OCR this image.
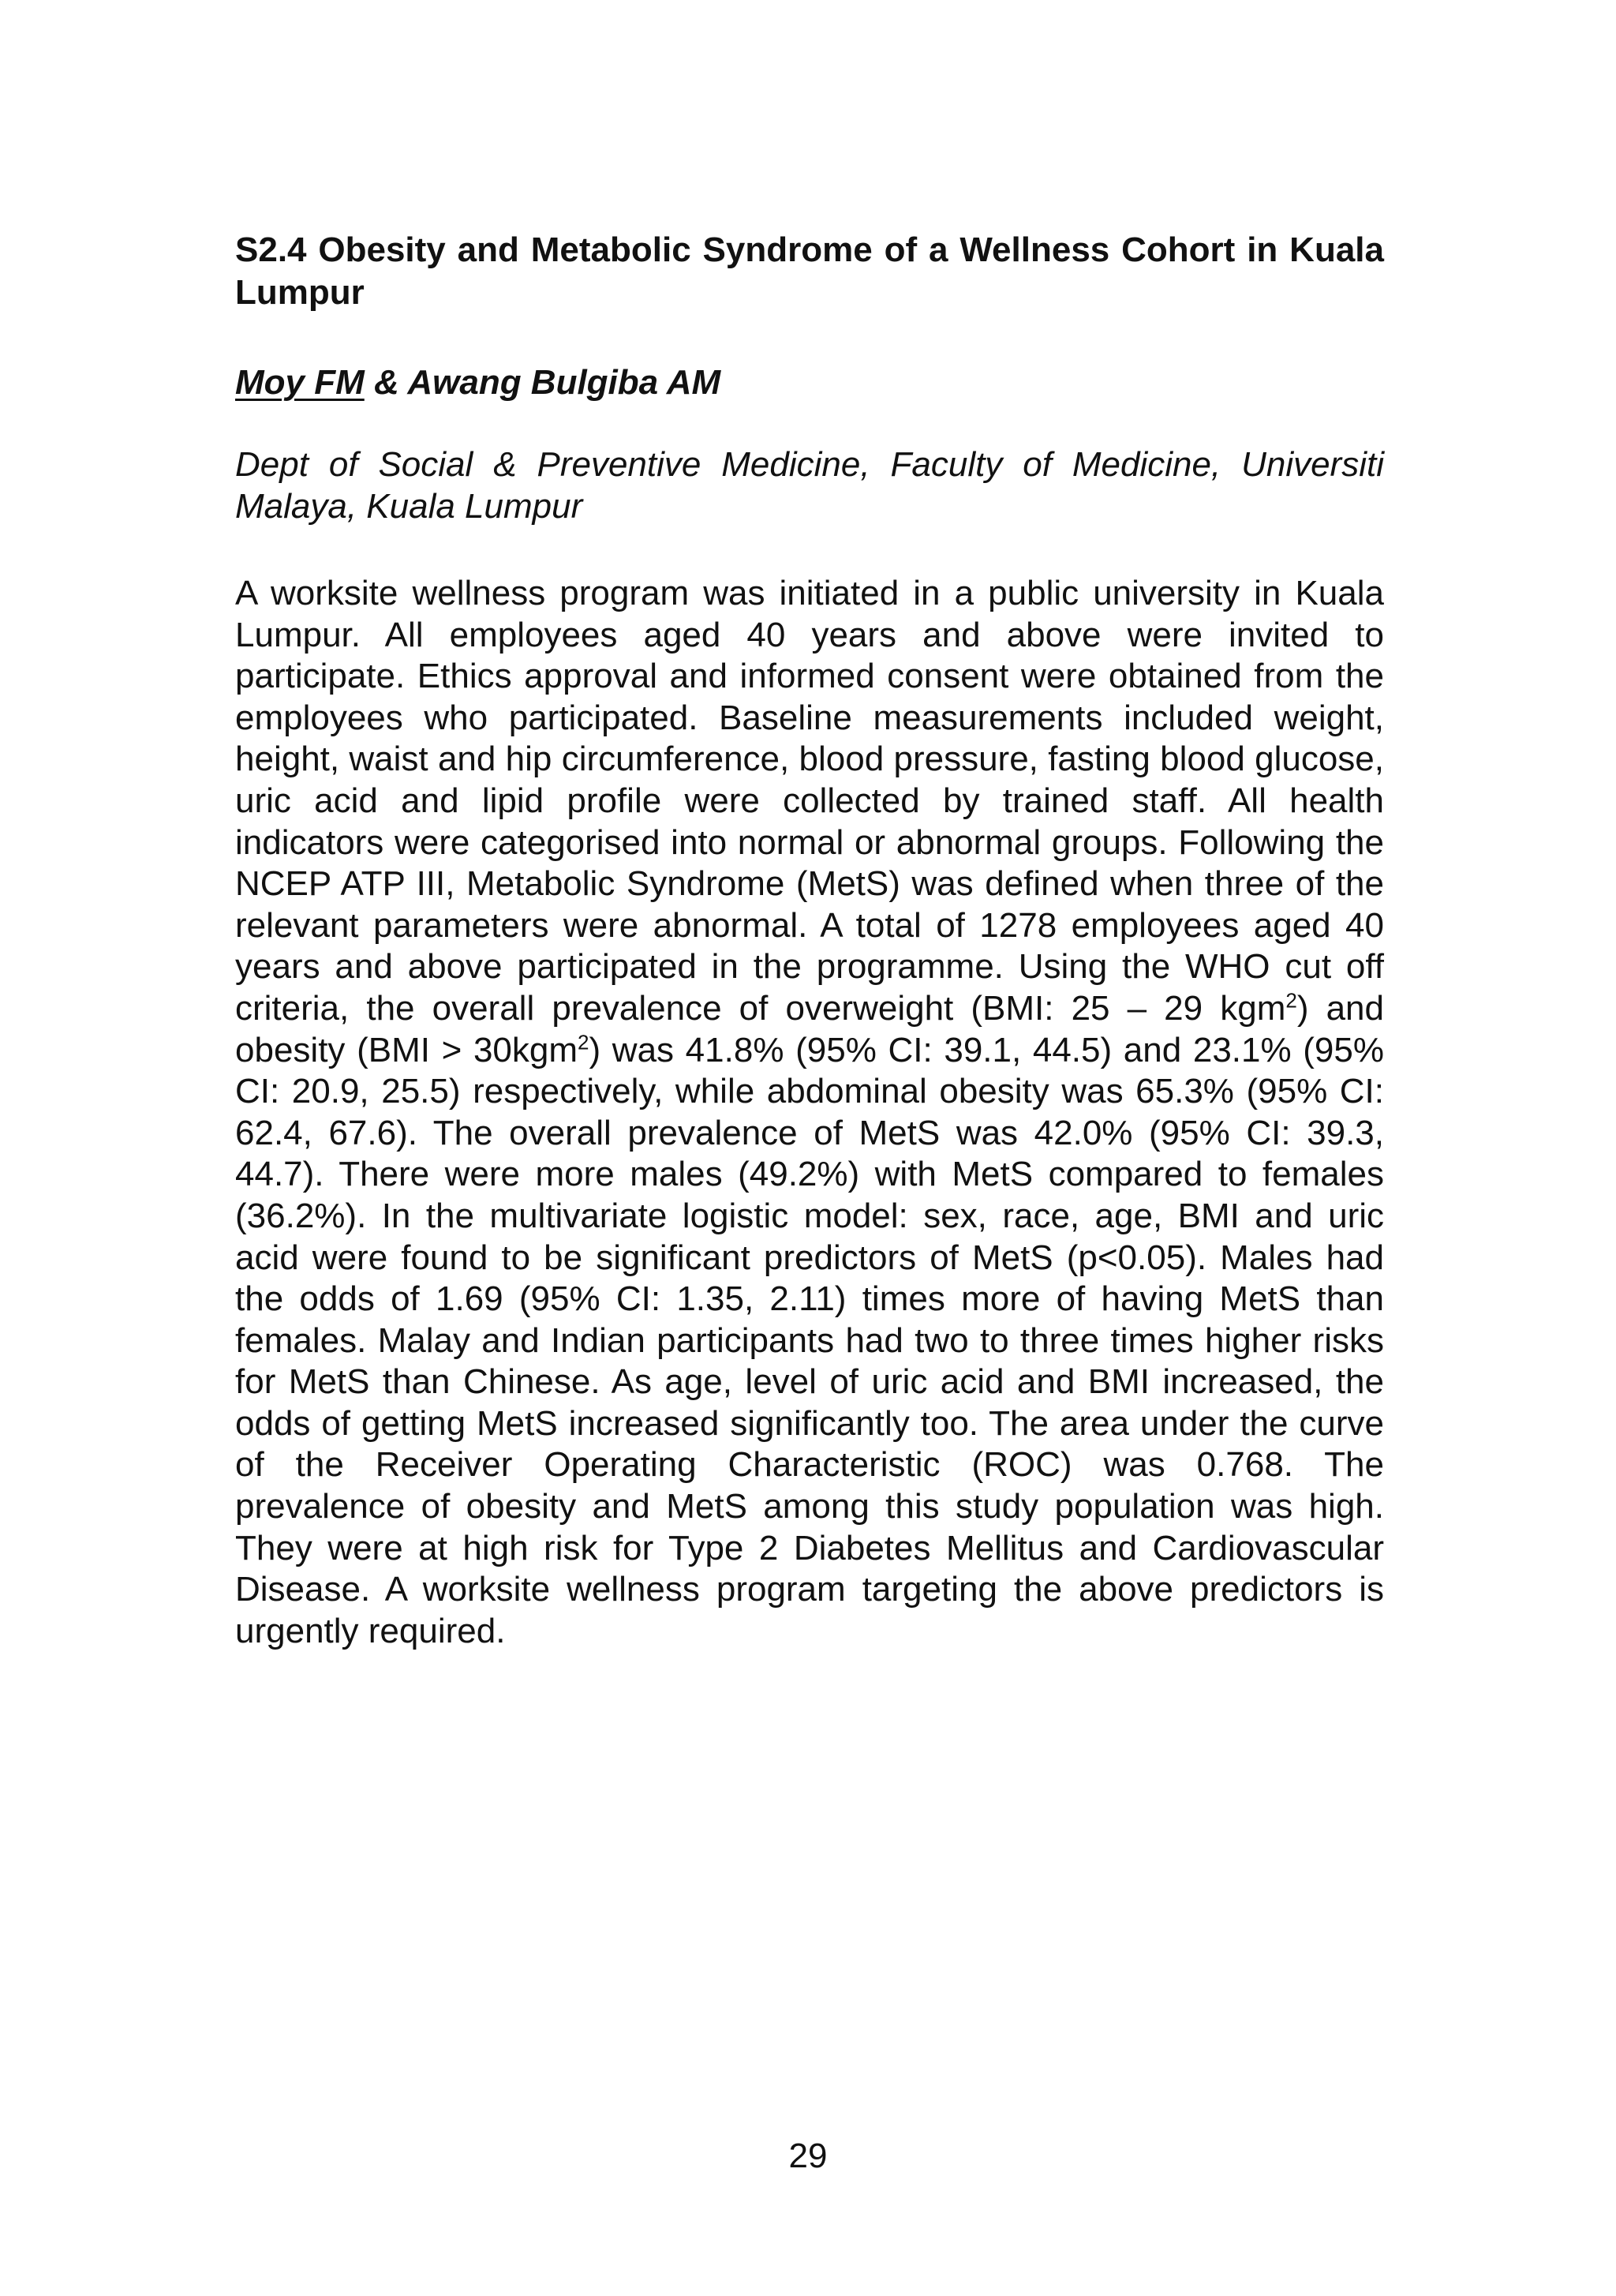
S2.4 Obesity and Metabolic Syndrome of a Wellness Cohort in Kuala Lumpur

Moy FM & Awang Bulgiba AM

Dept of Social & Preventive Medicine, Faculty of Medicine, Universiti Malaya, Kuala Lumpur

A worksite wellness program was initiated in a public university in Kuala Lumpur. All employees aged 40 years and above were invited to participate. Ethics approval and informed consent were obtained from the employees who participated. Baseline measurements included weight, height, waist and hip circumference, blood pressure, fasting blood glucose, uric acid and lipid profile were collected by trained staff. All health indicators were categorised into normal or abnormal groups. Following the NCEP ATP III, Metabolic Syndrome (MetS) was defined when three of the relevant parameters were abnormal. A total of 1278 employees aged 40 years and above participated in the programme. Using the WHO cut off criteria, the overall prevalence of overweight (BMI: 25 – 29 kgm$^2$) and obesity (BMI > 30kgm$^2$) was 41.8% (95% CI: 39.1, 44.5) and 23.1% (95% CI: 20.9, 25.5) respectively, while abdominal obesity was 65.3% (95% CI: 62.4, 67.6). The overall prevalence of MetS was 42.0% (95% CI: 39.3, 44.7). There were more males (49.2%) with MetS compared to females (36.2%). In the multivariate logistic model: sex, race, age, BMI and uric acid were found to be significant predictors of MetS (p<0.05). Males had the odds of 1.69 (95% CI: 1.35, 2.11) times more of having MetS than females. Malay and Indian participants had two to three times higher risks for MetS than Chinese. As age, level of uric acid and BMI increased, the odds of getting MetS increased significantly too. The area under the curve of the Receiver Operating Characteristic (ROC) was 0.768. The prevalence of obesity and MetS among this study population was high. They were at high risk for Type 2 Diabetes Mellitus and Cardiovascular Disease. A worksite wellness program targeting the above predictors is urgently required.

29
